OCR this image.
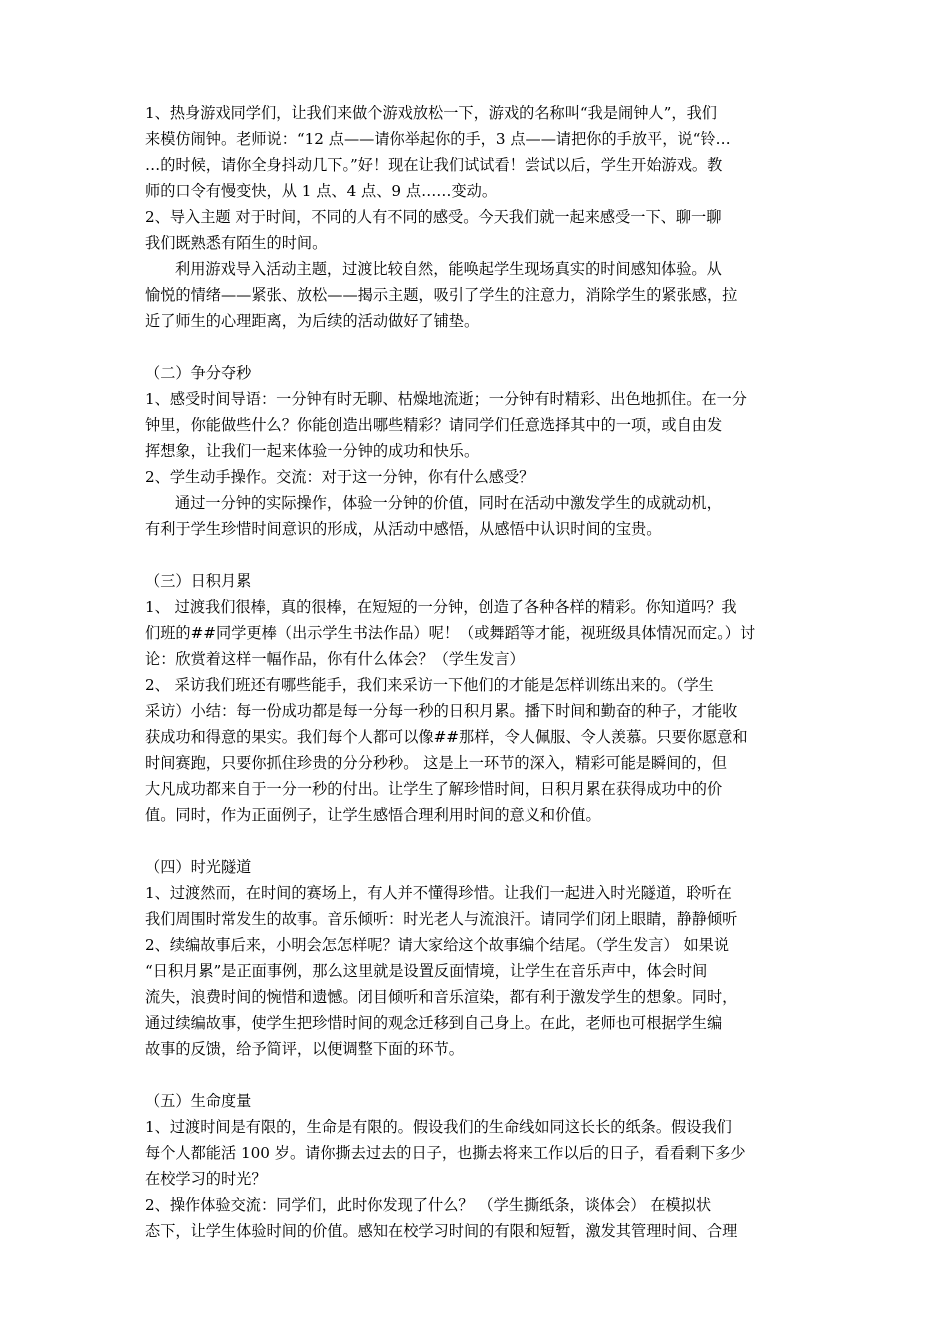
1、热身游戏同学们，让我们来做个游戏放松一下，游戏的名称叫“我是闹钟人”，我们
来模仿闹钟。老师说：“12 点——请你举起你的手，3 点——请把你的手放平，说“铃…
…的时候，请你全身抖动几下。”好！现在让我们试试看！尝试以后，学生开始游戏。教
师的口令有慢变快，从 1 点、4 点、9 点……变动。
2、导入主题 对于时间，不同的人有不同的感受。今天我们就一起来感受一下、聊一聊
我们既熟悉有陌生的时间。
利用游戏导入活动主题，过渡比较自然，能唤起学生现场真实的时间感知体验。从
愉悦的情绪——紧张、放松——揭示主题，吸引了学生的注意力，消除学生的紧张感，拉
近了师生的心理距离，为后续的活动做好了铺垫。
（二）争分夺秒
1、感受时间导语：一分钟有时无聊、枯燥地流逝；一分钟有时精彩、出色地抓住。在一分
钟里，你能做些什么？你能创造出哪些精彩？请同学们任意选择其中的一项，或自由发
挥想象，让我们一起来体验一分钟的成功和快乐。
2、学生动手操作。交流：对于这一分钟，你有什么感受？
通过一分钟的实际操作，体验一分钟的价值，同时在活动中激发学生的成就动机，
有利于学生珍惜时间意识的形成，从活动中感悟，从感悟中认识时间的宝贵。
（三）日积月累
1、 过渡我们很棒，真的很棒，在短短的一分钟，创造了各种各样的精彩。你知道吗？我
们班的##同学更棒（出示学生书法作品）呢！（或舞蹈等才能，视班级具体情况而定。）讨
论：欣赏着这样一幅作品，你有什么体会？（学生发言）
2、 采访我们班还有哪些能手，我们来采访一下他们的才能是怎样训练出来的。（学生
采访）小结：每一份成功都是每一分每一秒的日积月累。播下时间和勤奋的种子，才能收
获成功和得意的果实。我们每个人都可以像##那样，令人佩服、令人羡慕。只要你愿意和
时间赛跑，只要你抓住珍贵的分分秒秒。 这是上一环节的深入，精彩可能是瞬间的，但
大凡成功都来自于一分一秒的付出。让学生了解珍惜时间，日积月累在获得成功中的价
值。同时，作为正面例子，让学生感悟合理利用时间的意义和价值。
（四）时光隧道
1、过渡然而，在时间的赛场上，有人并不懂得珍惜。让我们一起进入时光隧道，聆听在
我们周围时常发生的故事。音乐倾听：时光老人与流浪汗。请同学们闭上眼睛，静静倾听
2、续编故事后来，小明会怎怎样呢？请大家给这个故事编个结尾。（学生发言） 如果说
“日积月累”是正面事例，那么这里就是设置反面情境，让学生在音乐声中，体会时间
流失，浪费时间的惋惜和遗憾。闭目倾听和音乐渲染，都有利于激发学生的想象。同时，
通过续编故事，使学生把珍惜时间的观念迁移到自己身上。在此，老师也可根据学生编
故事的反馈，给予简评，以便调整下面的环节。
（五）生命度量
1、过渡时间是有限的，生命是有限的。假设我们的生命线如同这长长的纸条。假设我们
每个人都能活 100 岁。请你撕去过去的日子，也撕去将来工作以后的日子，看看剩下多少
在校学习的时光？
2、操作体验交流：同学们，此时你发现了什么？ （学生撕纸条，谈体会） 在模拟状
态下，让学生体验时间的价值。感知在校学习时间的有限和短暂，激发其管理时间、合理
